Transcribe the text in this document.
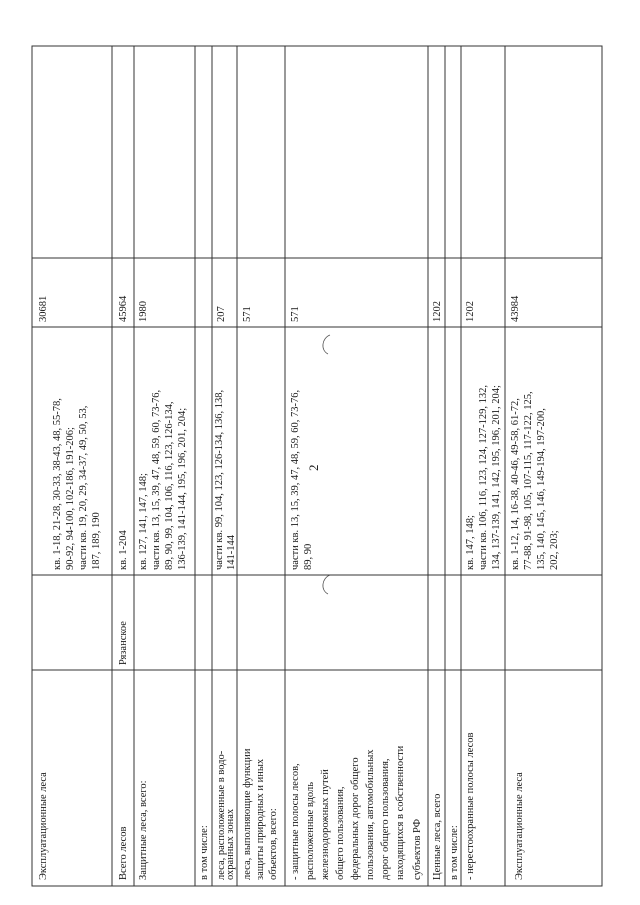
2
Эксплуатационные леса
кв. 1-18, 21-28, 30-33, 38-43, 48, 55-78, 90-92, 94-100, 102-186, 191-206; части кв. 19, 20, 29, 34-37, 49, 50, 53, 187, 189, 190
30681
Всего лесов
Рязанское
кв. 1-204
45964
Защитные леса, всего:
кв. 127, 141, 147, 148; части кв. 13, 15, 39, 47, 48, 59, 60, 73-76, 89, 90, 99, 104, 106, 116, 123, 126-134, 136-139, 141-144, 195, 196, 201, 204;
1980
в том числе: леса, расположенные в водо-
охранных зонах
части кв. 99, 104, 123, 126-134, 136, 138, 141-144
207
леса, выполняющие функции защиты природных и иных объектов, всего:
571
- защитные полосы лесов, расположенные вдоль железнодорожных путей общего пользования, федеральных дорог общего пользования, автомобильных дорог общего пользования, находящихся в собственности субъектов РФ
части кв. 13, 15, 39, 47, 48, 59, 60, 73-76, 89, 90
571
Ценные леса, всего
1202
в том числе: - нерестоохранные полосы лесов
кв. 147, 148; части кв. 106, 116, 123, 124, 127-129, 132, 134, 137-139, 141, 142, 195, 196, 201, 204;
1202
Эксплуатационные леса
кв. 1-12, 14, 16-38, 40-46, 49-58, 61-72, 77-88, 91-98, 105, 107-115, 117-122, 125, 135, 140, 145, 146, 149-194, 197-200, 202, 203;
43984
